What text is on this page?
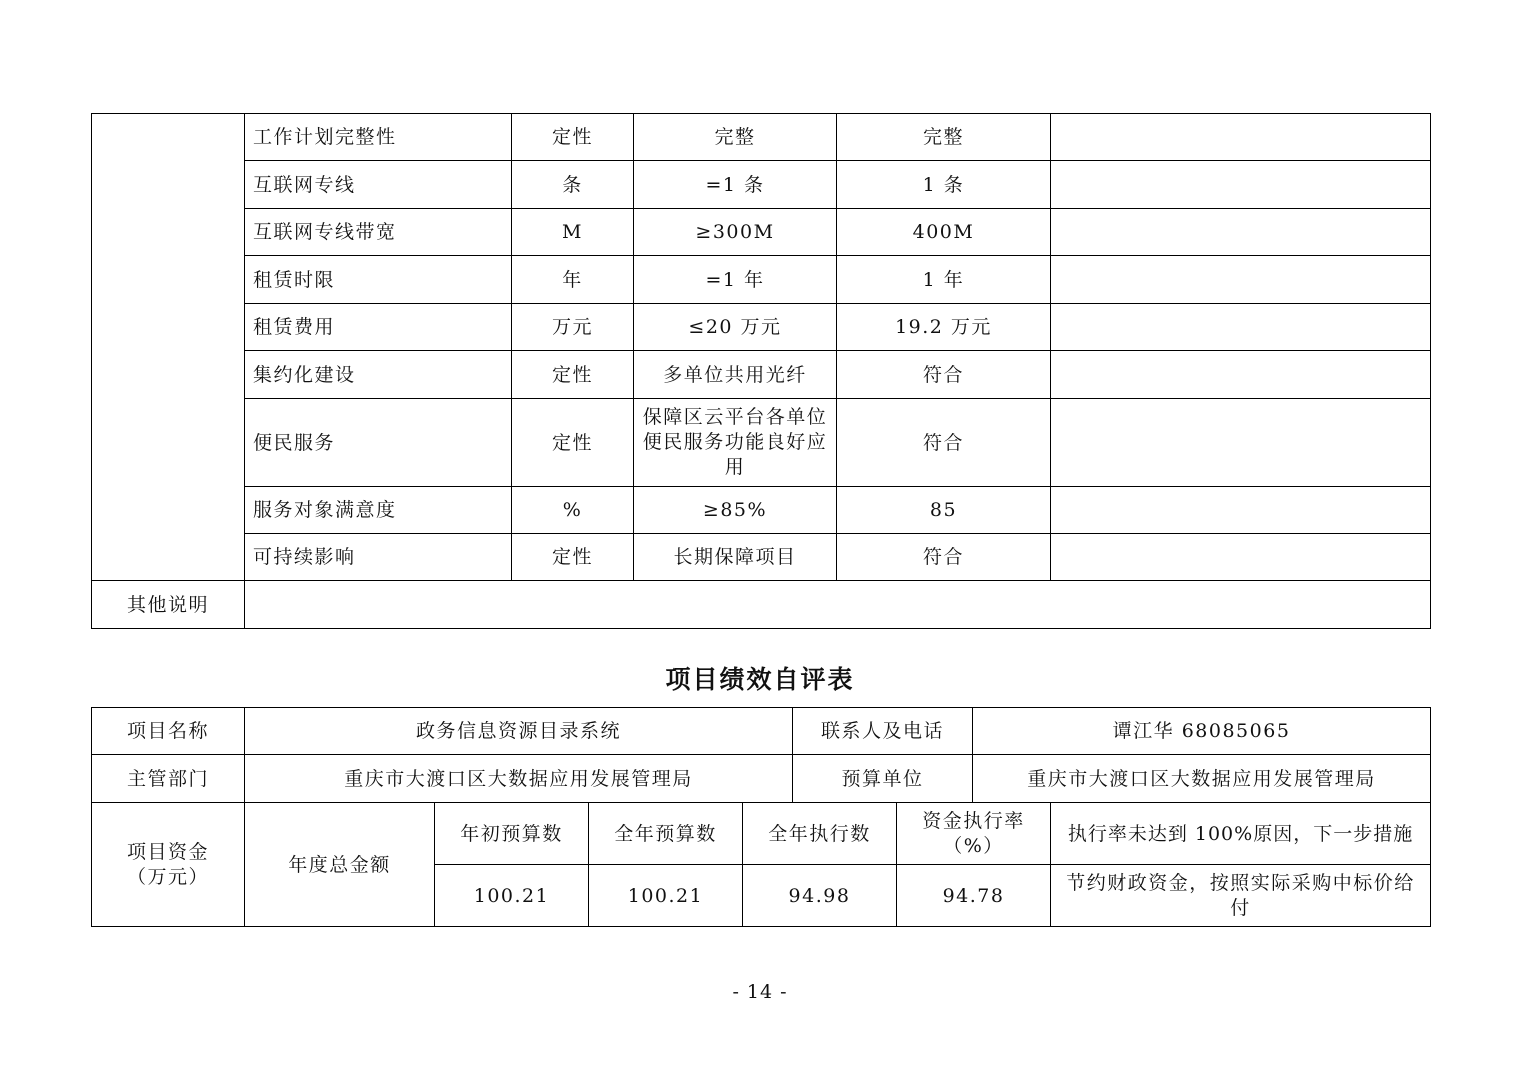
	工作计划完整性	定性	完整	完整	
	互联网专线	条	=1 条	1 条	
	互联网专线带宽	M	≥300M	400M	
	租赁时限	年	=1 年	1 年	
	租赁费用	万元	≤20 万元	19.2 万元	
	集约化建设	定性	多单位共用光纤	符合	
	便民服务	定性	保障区云平台各单位便民服务功能良好应用	符合	
	服务对象满意度	%	≥85%	85	
	可持续影响	定性	长期保障项目	符合	
其他说明					
项目绩效自评表
项目名称	政务信息资源目录系统				联系人及电话		谭江华 68085065	
主管部门	重庆市大渡口区大数据应用发展管理局				预算单位		重庆市大渡口区大数据应用发展管理局	
项目资金（万元）	年度总金额	年初预算数	全年预算数	全年执行数		资金执行率（%）		执行率未达到 100%原因，下一步措施
		100.21	100.21	94.98		94.78		节约财政资金，按照实际采购中标价给付
- 14 -
